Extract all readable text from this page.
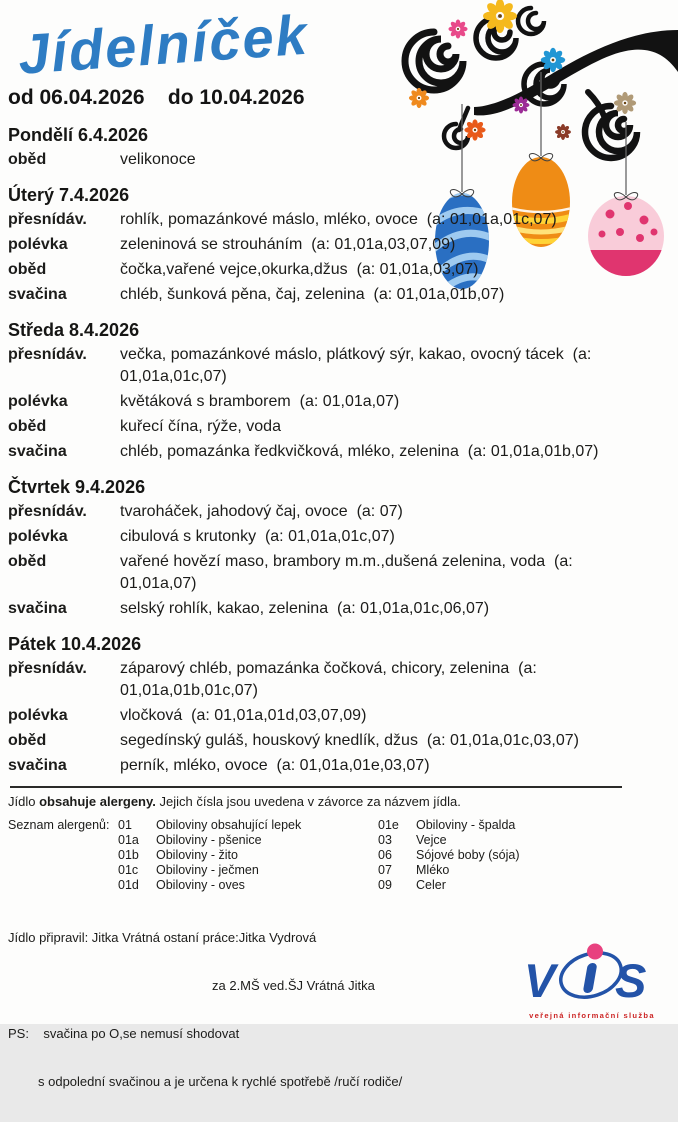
Jídelníček
od 06.04.2026    do 10.04.2026
Pondělí 6.4.2026
oběd	velikonoce
Úterý 7.4.2026
přesnídáv.	rohlík, pomazánkové máslo, mléko, ovoce  (a: 01,01a,01c,07)
polévka	zeleninová se strouháním  (a: 01,01a,03,07,09)
oběd	čočka,vařené vejce,okurka,džus  (a: 01,01a,03,07)
svačina	chléb, šunková pěna, čaj, zelenina  (a: 01,01a,01b,07)
Středa 8.4.2026
přesnídáv.	večka, pomazánkové máslo, plátkový sýr, kakao, ovocný tácek  (a: 01,01a,01c,07)
polévka	květáková s bramborem  (a: 01,01a,07)
oběd	kuřecí čína, rýže, voda
svačina	chléb, pomazánka ředkvičková, mléko, zelenina  (a: 01,01a,01b,07)
Čtvrtek 9.4.2026
přesnídáv.	tvaroháček, jahodový čaj, ovoce  (a: 07)
polévka	cibulová s krutonky  (a: 01,01a,01c,07)
oběd	vařené hovězí maso, brambory m.m.,dušená zelenina, voda  (a: 01,01a,07)
svačina	selský rohlík, kakao, zelenina  (a: 01,01a,01c,06,07)
Pátek 10.4.2026
přesnídáv.	záparový chléb, pomazánka čočková, chicory, zelenina  (a: 01,01a,01b,01c,07)
polévka	vločková  (a: 01,01a,01d,03,07,09)
oběd	segedínský guláš, houskový knedlík, džus  (a: 01,01a,01c,03,07)
svačina	perník, mléko, ovoce  (a: 01,01a,01e,03,07)

Jídlo obsahuje alergeny. Jejich čísla jsou uvedena v závorce za názvem jídla.

Seznam alergenů: 01	Obiloviny obsahující lepek
01a	Obiloviny - pšenice
01b	Obiloviny - žito
01c	Obiloviny - ječmen
01d	Obiloviny - oves
01e	Obiloviny - špalda
03	Vejce
06	Sójové boby (sója)
07	Mléko
09	Celer

Jídlo připravil: Jitka Vrátná ostaní práce:Jitka Vydrová

za 2.MŠ ved.ŠJ Vrátná Jitka

PS:    svačina po O,se nemusí shodovat

s odpolední svačinou a je určena k rychlé spotřebě /ručí rodiče/

V S
veřejná informační služba
